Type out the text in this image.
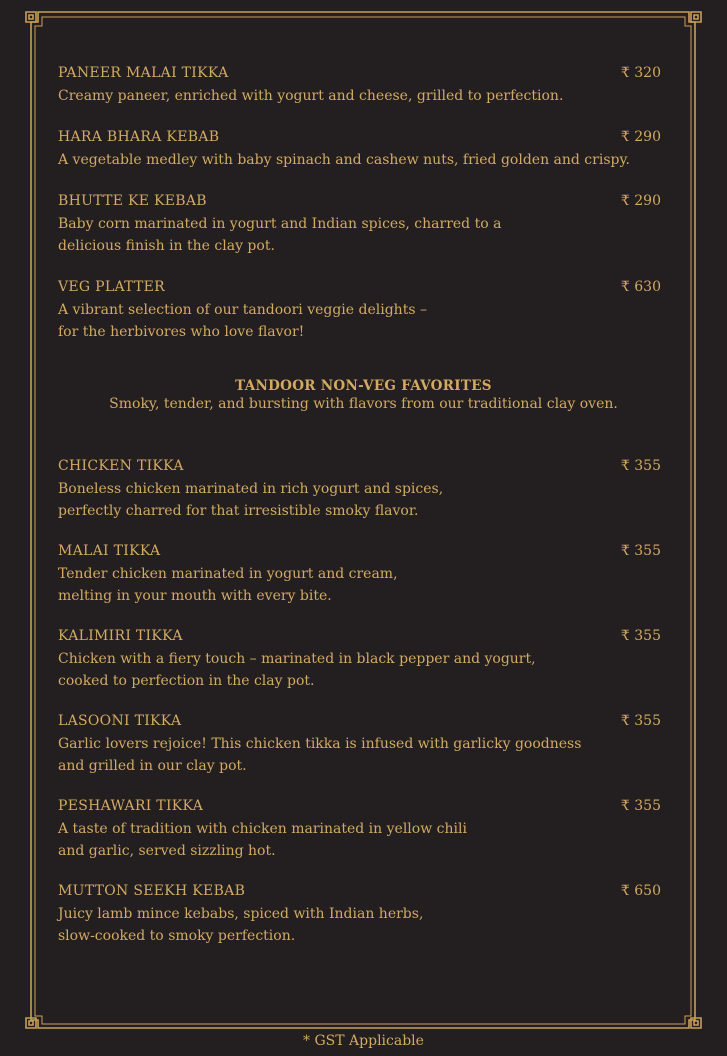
PANEER MALAI TIKKA	₹ 320
Creamy paneer, enriched with yogurt and cheese, grilled to perfection.
HARA BHARA KEBAB	₹ 290
A vegetable medley with baby spinach and cashew nuts, fried golden and crispy.
BHUTTE KE KEBAB	₹ 290
Baby corn marinated in yogurt and Indian spices, charred to a
delicious finish in the clay pot.
VEG PLATTER	₹ 630
A vibrant selection of our tandoori veggie delights –
for the herbivores who love flavor!
TANDOOR NON-VEG FAVORITES
Smoky, tender, and bursting with flavors from our traditional clay oven.
CHICKEN TIKKA	₹ 355
Boneless chicken marinated in rich yogurt and spices,
perfectly charred for that irresistible smoky flavor.
MALAI TIKKA	₹ 355
Tender chicken marinated in yogurt and cream,
melting in your mouth with every bite.
KALIMIRI TIKKA	₹ 355
Chicken with a fiery touch – marinated in black pepper and yogurt,
cooked to perfection in the clay pot.
LASOONI TIKKA	₹ 355
Garlic lovers rejoice! This chicken tikka is infused with garlicky goodness
and grilled in our clay pot.
PESHAWARI TIKKA	₹ 355
A taste of tradition with chicken marinated in yellow chili
and garlic, served sizzling hot.
MUTTON SEEKH KEBAB	₹ 650
Juicy lamb mince kebabs, spiced with Indian herbs,
slow-cooked to smoky perfection.
* GST Applicable
